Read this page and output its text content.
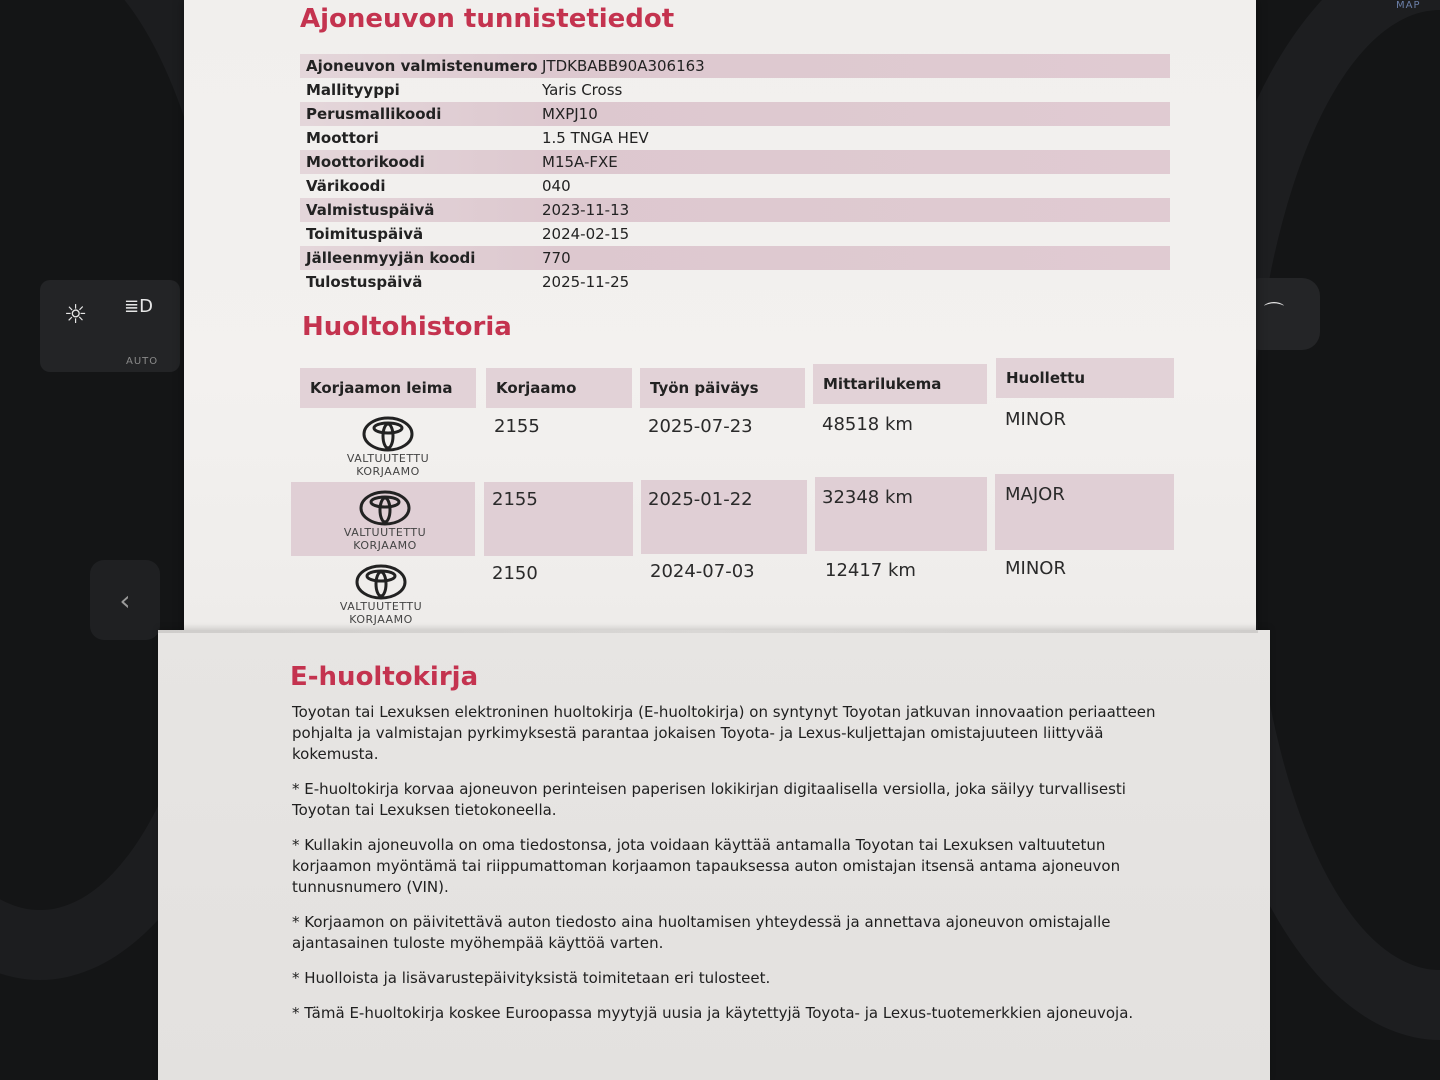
☼ ≣D
AUTO
⌒
‹
MAP
Ajoneuvon tunnistetiedot
Ajoneuvon valmistenumero JTDKBABB90A306163
Mallityyppi	Yaris Cross
Perusmallikoodi	MXPJ10
Moottori	1.5 TNGA HEV
Moottorikoodi	M15A-FXE
Värikoodi	040
Valmistuspäivä	2023-11-13
Toimituspäivä	2024-02-15
Jälleenmyyjän koodi	770
Tulostuspäivä	2025-11-25
Huoltohistoria
Korjaamon leima	Korjaamo	Työn päiväys	Mittarilukema	Huollettu
VALTUUTETTU
KORJAAMO
2155	2025-07-23	48518 km	MINOR
VALTUUTETTU
KORJAAMO
2155	2025-01-22	32348 km	MAJOR
VALTUUTETTU
KORJAAMO
2150	2024-07-03	12417 km	MINOR
E-huoltokirja

Toyotan tai Lexuksen elektroninen huoltokirja (E-huoltokirja) on syntynyt Toyotan jatkuvan innovaation periaatteen pohjalta ja valmistajan pyrkimyksestä parantaa jokaisen Toyota- ja Lexus-kuljettajan omistajuuteen liittyvää kokemusta.

* E-huoltokirja korvaa ajoneuvon perinteisen paperisen lokikirjan digitaalisella versiolla, joka säilyy turvallisesti Toyotan tai Lexuksen tietokoneella.

* Kullakin ajoneuvolla on oma tiedostonsa, jota voidaan käyttää antamalla Toyotan tai Lexuksen valtuutetun korjaamon myöntämä tai riippumattoman korjaamon tapauksessa auton omistajan itsensä antama ajoneuvon tunnusnumero (VIN).

* Korjaamon on päivitettävä auton tiedosto aina huoltamisen yhteydessä ja annettava ajoneuvon omistajalle ajantasainen tuloste myöhempää käyttöä varten.

* Huolloista ja lisävarustepäivityksistä toimitetaan eri tulosteet.

* Tämä E-huoltokirja koskee Euroopassa myytyjä uusia ja käytettyjä Toyota- ja Lexus-tuotemerkkien ajoneuvoja.
